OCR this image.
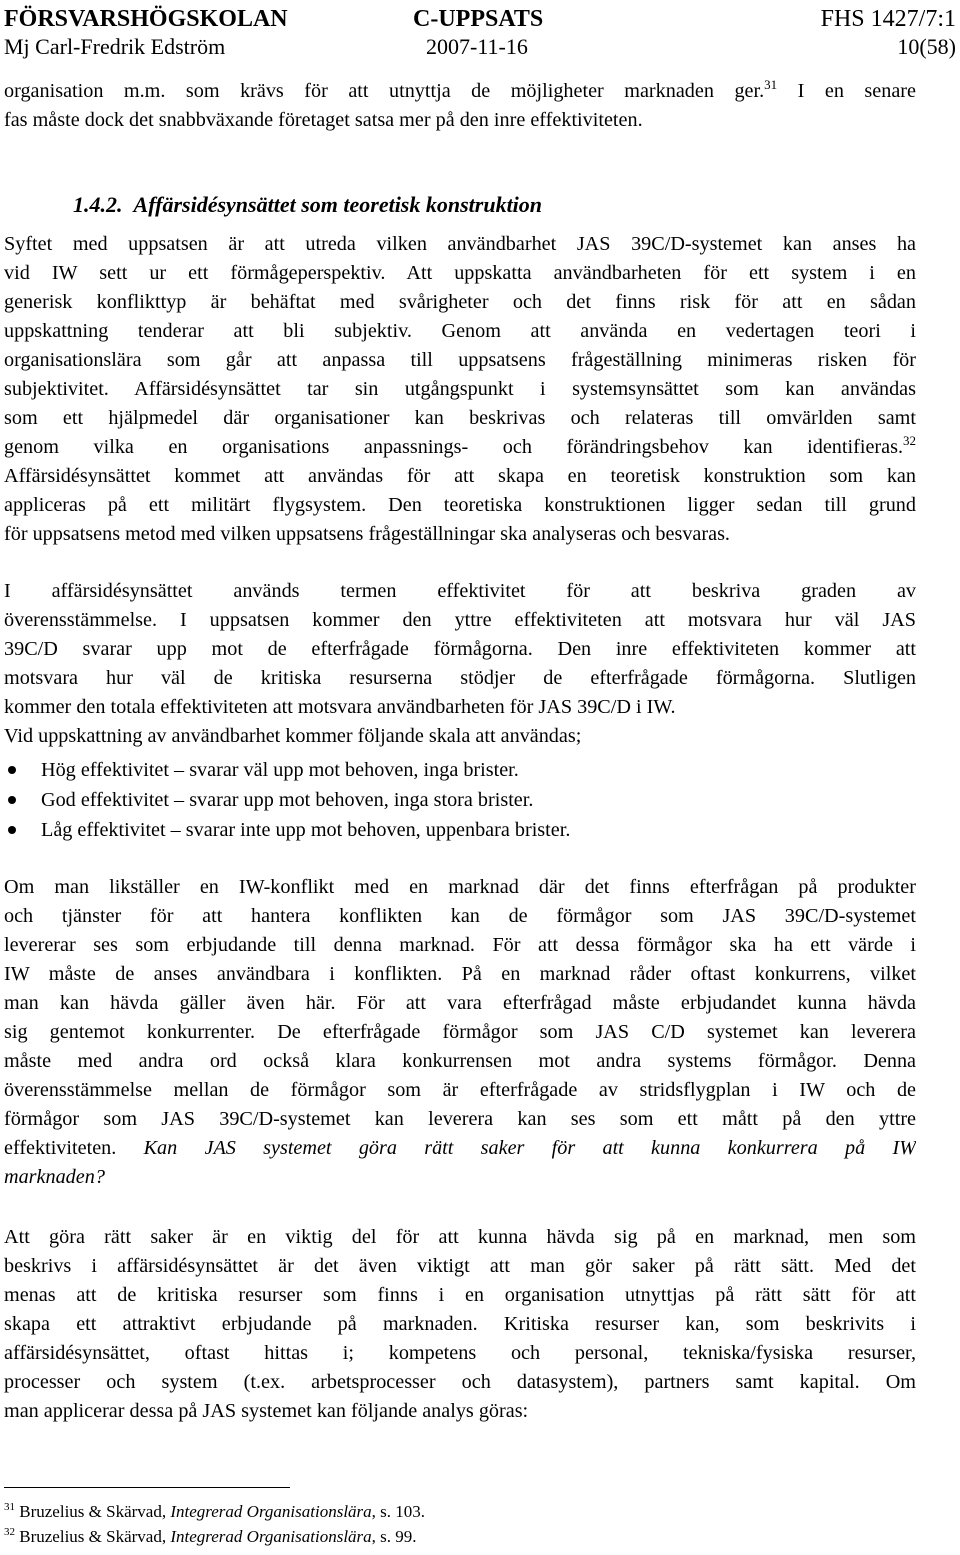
FÖRSVARSHÖGSKOLAN	C-UPPSATS	FHS 1427/7:1
Mj Carl-Fredrik Edström	2007-11-16	10(58)
organisation m.m. som krävs för att utnyttja de möjligheter marknaden ger.$^{31}$ I en senare
fas måste dock det snabbväxande företaget satsa mer på den inre effektiviteten.
1.4.2. Affärsidésynsättet som teoretisk konstruktion
Syftet med uppsatsen är att utreda vilken användbarhet JAS 39C/D-systemet kan anses ha
vid IW sett ur ett förmågeperspektiv. Att uppskatta användbarheten för ett system i en
generisk konflikttyp är behäftat med svårigheter och det finns risk för att en sådan
uppskattning tenderar att bli subjektiv. Genom att använda en vedertagen teori i
organisationslära som går att anpassa till uppsatsens frågeställning minimeras risken för
subjektivitet. Affärsidésynsättet tar sin utgångspunkt i systemsynsättet som kan användas
som ett hjälpmedel där organisationer kan beskrivas och relateras till omvärlden samt
genom vilka en organisations anpassnings- och förändringsbehov kan identifieras.$^{32}$
Affärsidésynsättet kommet att användas för att skapa en teoretisk konstruktion som kan
appliceras på ett militärt flygsystem. Den teoretiska konstruktionen ligger sedan till grund
för uppsatsens metod med vilken uppsatsens frågeställningar ska analyseras och besvaras.
I affärsidésynsättet används termen effektivitet för att beskriva graden av
överensstämmelse. I uppsatsen kommer den yttre effektiviteten att motsvara hur väl JAS
39C/D svarar upp mot de efterfrågade förmågorna. Den inre effektiviteten kommer att
motsvara hur väl de kritiska resurserna stödjer de efterfrågade förmågorna. Slutligen
kommer den totala effektiviteten att motsvara användbarheten för JAS 39C/D i IW.
Vid uppskattning av användbarhet kommer följande skala att användas;
Hög effektivitet – svarar väl upp mot behoven, inga brister.
God effektivitet – svarar upp mot behoven, inga stora brister.
Låg effektivitet – svarar inte upp mot behoven, uppenbara brister.
Om man likställer en IW-konflikt med en marknad där det finns efterfrågan på produkter
och tjänster för att hantera konflikten kan de förmågor som JAS 39C/D-systemet
levererar ses som erbjudande till denna marknad. För att dessa förmågor ska ha ett värde i
IW måste de anses användbara i konflikten. På en marknad råder oftast konkurrens, vilket
man kan hävda gäller även här. För att vara efterfrågad måste erbjudandet kunna hävda
sig gentemot konkurrenter. De efterfrågade förmågor som JAS C/D systemet kan leverera
måste med andra ord också klara konkurrensen mot andra systems förmågor. Denna
överensstämmelse mellan de förmågor som är efterfrågade av stridsflygplan i IW och de
förmågor som JAS 39C/D-systemet kan leverera kan ses som ett mått på den yttre
effektiviteten. Kan JAS systemet göra rätt saker för att kunna konkurrera på IW
marknaden?
Att göra rätt saker är en viktig del för att kunna hävda sig på en marknad, men som
beskrivs i affärsidésynsättet är det även viktigt att man gör saker på rätt sätt. Med det
menas att de kritiska resurser som finns i en organisation utnyttjas på rätt sätt för att
skapa ett attraktivt erbjudande på marknaden. Kritiska resurser kan, som beskrivits i
affärsidésynsättet, oftast hittas i; kompetens och personal, tekniska/fysiska resurser,
processer och system (t.ex. arbetsprocesser och datasystem), partners samt kapital. Om
man applicerar dessa på JAS systemet kan följande analys göras:
$^{31}$ Bruzelius & Skärvad, Integrerad Organisationslära, s. 103.
$^{32}$ Bruzelius & Skärvad, Integrerad Organisationslära, s. 99.
